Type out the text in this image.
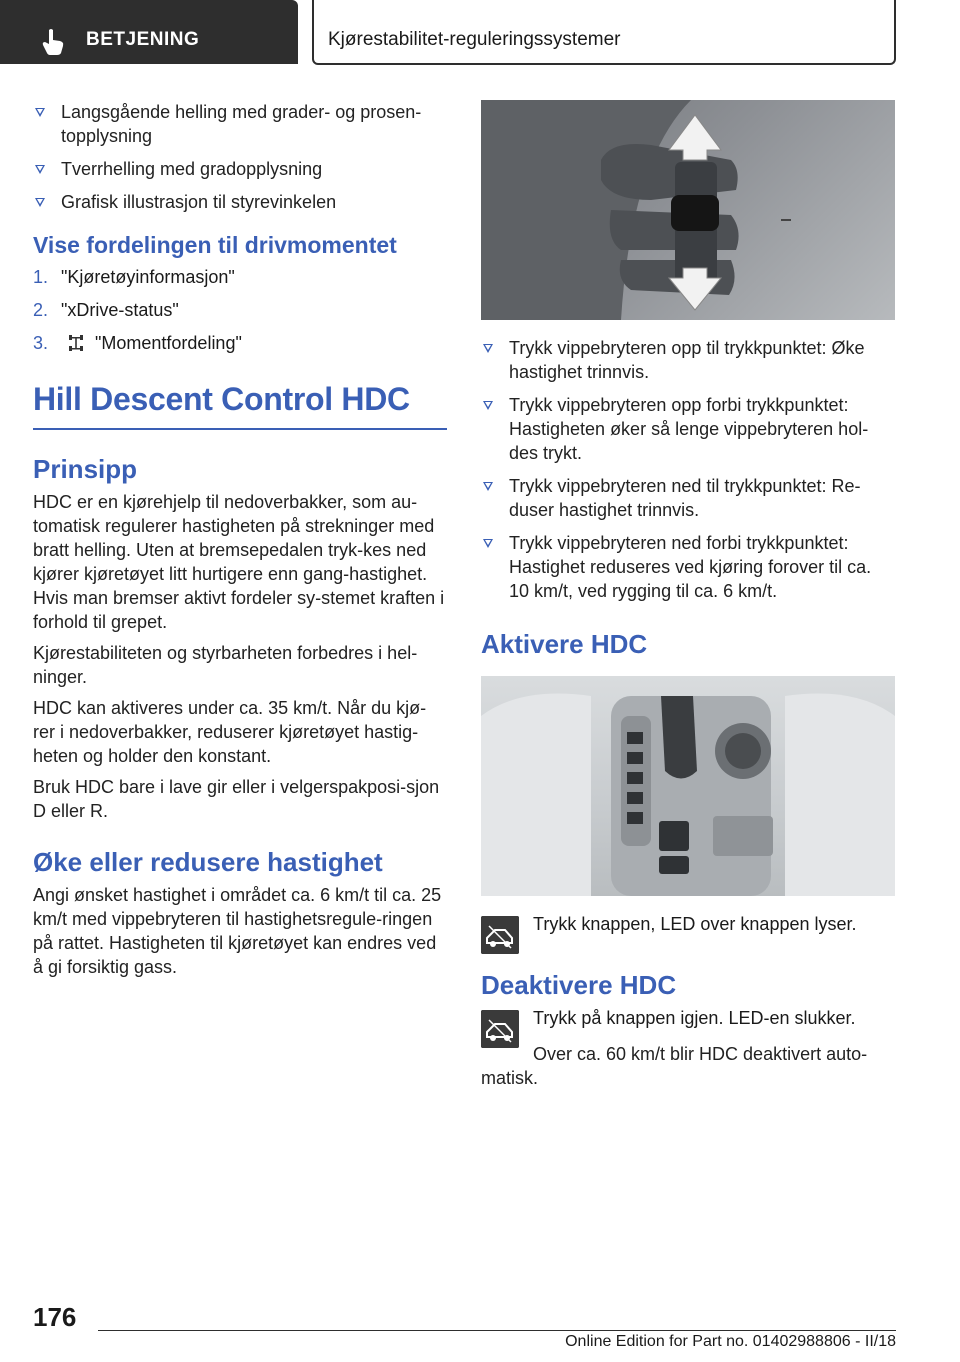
BETJENING	Kjørestabilitet-reguleringssystemer
Langsgående helling med grader- og prosen-topplysning
Tverrhelling med gradopplysning
Grafisk illustrasjon til styrevinkelen
Vise fordelingen til drivmomentet
1. "Kjøretøyinformasjon"
2. "xDrive-status"
3.	"Momentfordeling"
Hill Descent Control HDC
Prinsipp
HDC er en kjørehjelp til nedoverbakker, som au-tomatisk regulerer hastigheten på strekninger med bratt helling. Uten at bremsepedalen tryk-kes ned kjører kjøretøyet litt hurtigere enn gang-hastighet. Hvis man bremser aktivt fordeler sy-stemet kraften i forhold til grepet.
Kjørestabiliteten og styrbarheten forbedres i hel-ninger.
HDC kan aktiveres under ca. 35 km/t. Når du kjø-rer i nedoverbakker, reduserer kjøretøyet hastig-heten og holder den konstant.
Bruk HDC bare i lave gir eller i velgerspakposi-sjon D eller R.
Øke eller redusere hastighet
Angi ønsket hastighet i området ca. 6 km/t til ca. 25 km/t med vippebryteren til hastighetsregule-ringen på rattet. Hastigheten til kjøretøyet kan endres ved å gi forsiktig gass.
Trykk vippebryteren opp til trykkpunktet: Øke hastighet trinnvis.
Trykk vippebryteren opp forbi trykkpunktet: Hastigheten øker så lenge vippebryteren hol-des trykt.
Trykk vippebryteren ned til trykkpunktet: Re-duser hastighet trinnvis.
Trykk vippebryteren ned forbi trykkpunktet: Hastighet reduseres ved kjøring forover til ca. 10 km/t, ved rygging til ca. 6 km/t.
Aktivere HDC
Trykk knappen, LED over knappen lyser.
Deaktivere HDC
Trykk på knappen igjen. LED-en slukker.
Over ca. 60 km/t blir HDC deaktivert auto-matisk.
176
Online Edition for Part no. 01402988806 - II/18
